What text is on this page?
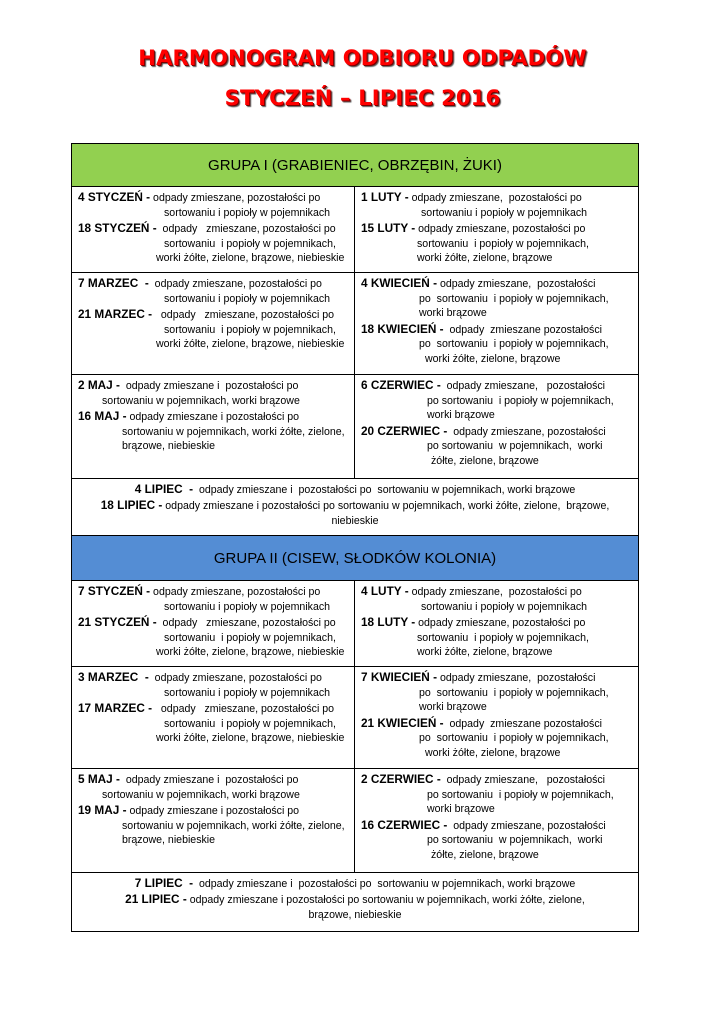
HARMONOGRAM ODBIORU ODPADÓW
STYCZEŃ – LIPIEC 2016
GRUPA I (GRABIENIEC, OBRZĘBIN, ŻUKI)

4 STYCZEŃ - odpady zmieszane, pozostałości po
sortowaniu i popioły w pojemnikach

18 STYCZEŃ -  odpady   zmieszane, pozostałości po
sortowaniu  i popioły w pojemnikach,
worki żółte, zielone, brązowe, niebieskie

1 LUTY - odpady zmieszane,  pozostałości po
sortowaniu i popioły w pojemnikach

15 LUTY - odpady zmieszane, pozostałości po
sortowaniu  i popioły w pojemnikach,
worki żółte, zielone, brązowe

7 MARZEC  -  odpady zmieszane, pozostałości po
sortowaniu i popioły w pojemnikach

21 MARZEC -   odpady   zmieszane, pozostałości po
sortowaniu  i popioły w pojemnikach,
worki żółte, zielone, brązowe, niebieskie

4 KWIECIEŃ - odpady zmieszane,  pozostałości
po  sortowaniu  i popioły w pojemnikach,
worki brązowe

18 KWIECIEŃ -  odpady  zmieszane pozostałości
po  sortowaniu  i popioły w pojemnikach,
worki żółte, zielone, brązowe

2 MAJ -  odpady zmieszane i  pozostałości po
sortowaniu w pojemnikach, worki brązowe

16 MAJ - odpady zmieszane i pozostałości po
sortowaniu w pojemnikach, worki żółte, zielone,
brązowe, niebieskie

6 CZERWIEC -  odpady zmieszane,   pozostałości
po sortowaniu  i popioły w pojemnikach,
worki brązowe

20 CZERWIEC -  odpady zmieszane, pozostałości
po sortowaniu  w pojemnikach,  worki
żółte, zielone, brązowe

4 LIPIEC  -  odpady zmieszane i  pozostałości po  sortowaniu w pojemnikach, worki brązowe

18 LIPIEC - odpady zmieszane i pozostałości po sortowaniu w pojemnikach, worki żółte, zielone,  brązowe,
niebieskie

GRUPA II (CISEW, SŁODKÓW KOLONIA)

7 STYCZEŃ - odpady zmieszane, pozostałości po
sortowaniu i popioły w pojemnikach

21 STYCZEŃ -  odpady   zmieszane, pozostałości po
sortowaniu  i popioły w pojemnikach,
worki żółte, zielone, brązowe, niebieskie

4 LUTY - odpady zmieszane,  pozostałości po
sortowaniu i popioły w pojemnikach

18 LUTY - odpady zmieszane, pozostałości po
sortowaniu  i popioły w pojemnikach,
worki żółte, zielone, brązowe

3 MARZEC  -  odpady zmieszane, pozostałości po
sortowaniu i popioły w pojemnikach

17 MARZEC -   odpady   zmieszane, pozostałości po
sortowaniu  i popioły w pojemnikach,
worki żółte, zielone, brązowe, niebieskie

7 KWIECIEŃ - odpady zmieszane,  pozostałości
po  sortowaniu  i popioły w pojemnikach,
worki brązowe

21 KWIECIEŃ -  odpady  zmieszane pozostałości
po  sortowaniu  i popioły w pojemnikach,
worki żółte, zielone, brązowe

5 MAJ -  odpady zmieszane i  pozostałości po
sortowaniu w pojemnikach, worki brązowe

19 MAJ - odpady zmieszane i pozostałości po
sortowaniu w pojemnikach, worki żółte, zielone,
brązowe, niebieskie

2 CZERWIEC -  odpady zmieszane,   pozostałości
po sortowaniu  i popioły w pojemnikach,
worki brązowe

16 CZERWIEC -  odpady zmieszane, pozostałości
po sortowaniu  w pojemnikach,  worki
żółte, zielone, brązowe

7 LIPIEC  -  odpady zmieszane i  pozostałości po  sortowaniu w pojemnikach, worki brązowe

21 LIPIEC - odpady zmieszane i pozostałości po sortowaniu w pojemnikach, worki żółte, zielone,
brązowe, niebieskie
